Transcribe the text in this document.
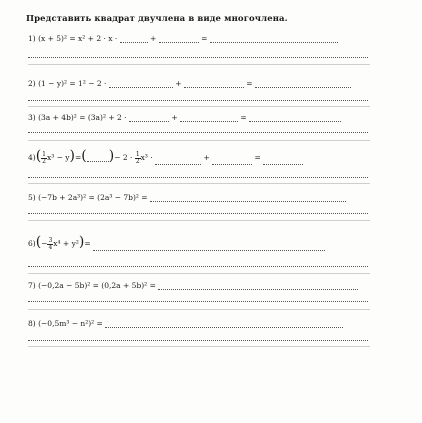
Представить квадрат двучлена в виде многочлена.
1) (x + 5)² = x² + 2 · x ·	+	=
2) (1 − y)² = 1² − 2 ·	+	=
3) (3a + 4b)² = (3a)² + 2 ·	+	=
$4)( \frac{1}{2} x^3 - y)=$( )− $2 \cdot \frac{1}{2} x^3$ ·	+	=
5) (−7b + 2a³)² = (2a³ − 7b)² =
$6)(- \frac{3}{4} x^4 + y^2)=$
7) (−0,2a − 5b)² = (0,2a + 5b)² =
8) (−0,5m³ − n²)² =
